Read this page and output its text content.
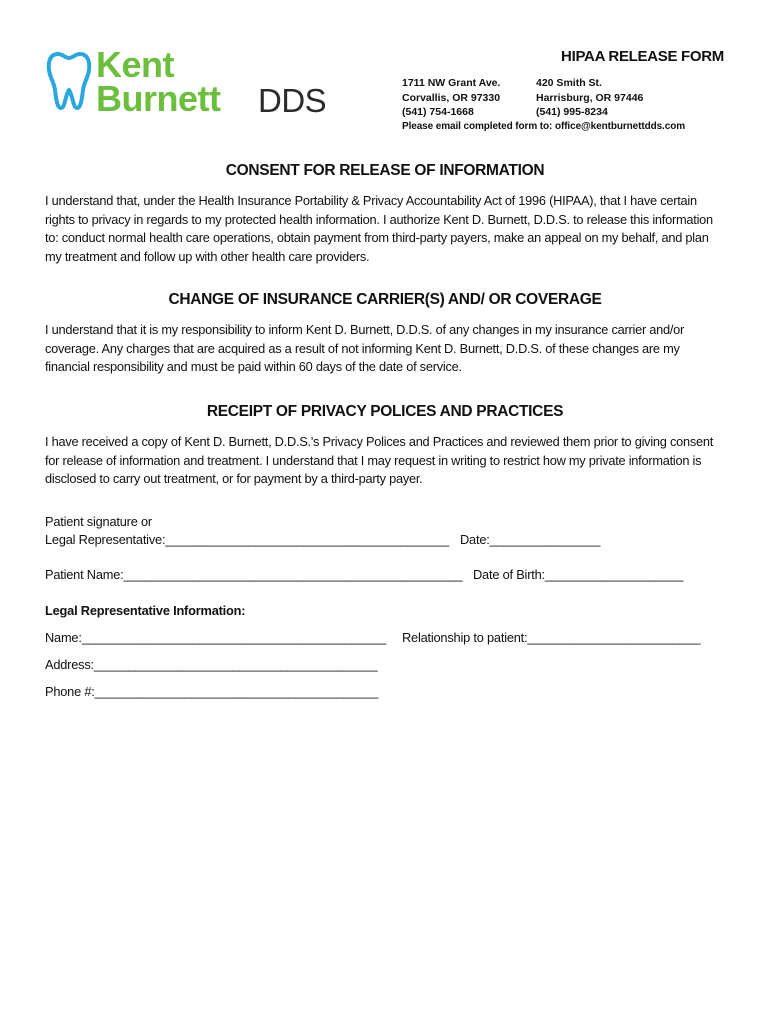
Kent
Burnett DDS
HIPAA RELEASE FORM
1711 NW Grant Ave.
Corvallis, OR 97330
(541) 754-1668
420 Smith St.
Harrisburg, OR 97446
(541) 995-8234
Please email completed form to: office@kentburnettdds.com
CONSENT FOR RELEASE OF INFORMATION
I understand that, under the Health Insurance Portability & Privacy Accountability Act of 1996 (HIPAA), that I have certain
rights to privacy in regards to my protected health information. I authorize Kent D. Burnett, D.D.S. to release this information
to: conduct normal health care operations, obtain payment from third-party payers, make an appeal on my behalf, and plan
my treatment and follow up with other health care providers.
CHANGE OF INSURANCE CARRIER(S) AND/ OR COVERAGE
I understand that it is my responsibility to inform Kent D. Burnett, D.D.S. of any changes in my insurance carrier and/or
coverage. Any charges that are acquired as a result of not informing Kent D. Burnett, D.D.S. of these changes are my
financial responsibility and must be paid within 60 days of the date of service.
RECEIPT OF PRIVACY POLICES AND PRACTICES
I have received a copy of Kent D. Burnett, D.D.S.'s Privacy Polices and Practices and reviewed them prior to giving consent
for release of information and treatment. I understand that I may request in writing to restrict how my private information is
disclosed to carry out treatment, or for payment by a third-party payer.
Patient signature or
Legal Representative:_________________________________________ Date:________________
Patient Name:_________________________________________________ Date of Birth:____________________
Legal Representative Information:
Name:____________________________________________ Relationship to patient:_________________________
Address:_________________________________________
Phone #:_________________________________________
